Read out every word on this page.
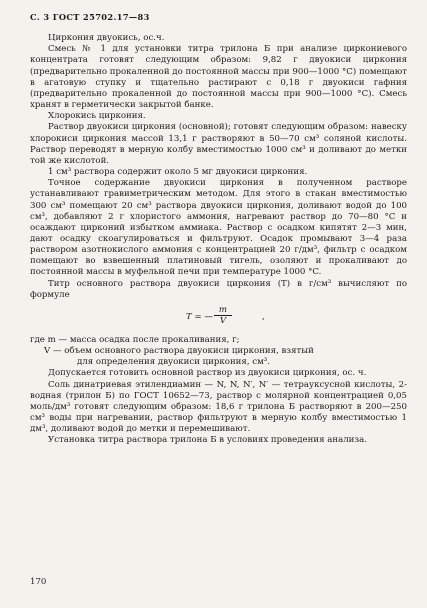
С. 3 ГОСТ 25702.17—83

Циркония двуокись, ос.ч.

Смесь № 1 для установки титра трилона Б при анализе циркониевого концентрата готовят следующим образом: 9,82 г двуокиси циркония (предварительно прокаленной до постоянной массы при 900—1000 °C) помещают в агатовую ступку и тщательно растирают с 0,18 г двуокиси гафния (предварительно прокаленной до постоянной массы при 900—1000 °C). Смесь хранят в герметически закрытой банке.

Хлорокись циркония.

Раствор двуокиси циркония (основной); готовят следующим образом: навеску хлорокиси циркония массой 13,1 г растворяют в 50—70 см³ соляной кислоты. Раствор переводят в мерную колбу вместимостью 1000 см³ и доливают до метки той же кислотой.

1 см³ раствора содержит около 5 мг двуокиси циркония.

Точное содержание двуокиси циркония в полученном растворе устанавливают гравиметрическим методом. Для этого в стакан вместимостью 300 см³ помещают 20 см³ раствора двуокиси циркония, доливают водой до 100 см³, добавляют 2 г хлористого аммония, нагревают раствор до 70—80 °C и осаждают цирконий избытком аммиака. Раствор с осадком кипятят 2—3 мин, дают осадку скоагулироваться и фильтруют. Осадок промывают 3—4 раза раствором азотнокислого аммония с концентрацией 20 г/дм³, фильтр с осадком помещают во взвешенный платиновый тигель, озоляют и прокаливают до постоянной массы в муфельной печи при температуре 1000 °C.

Титр основного раствора двуокиси циркония (T) в г/см³ вычисляют по формуле

T = — $\frac{m}{V}$	,

где m — масса осадка после прокаливания, г;

V — объем основного раствора двуокиси циркония, взятый

для определения двуокиси циркония, см³.

Допускается готовить основной раствор из двуокиси циркония, ос. ч.

Соль динатриевая этилендиамин — N, N, N′, N′ — тетрауксусной кислоты, 2-водная (трилон Б) по ГОСТ 10652—73, раствор с молярной концентрацией 0,05 моль/дм³ готовят следующим образом: 18,6 г трилона Б растворяют в 200—250 см³ воды при нагревании, раствор фильтруют в мерную колбу вместимостью 1 дм³, доливают водой до метки и перемешивают.

Установка титра раствора трилона Б в условиях проведения анализа.

170
